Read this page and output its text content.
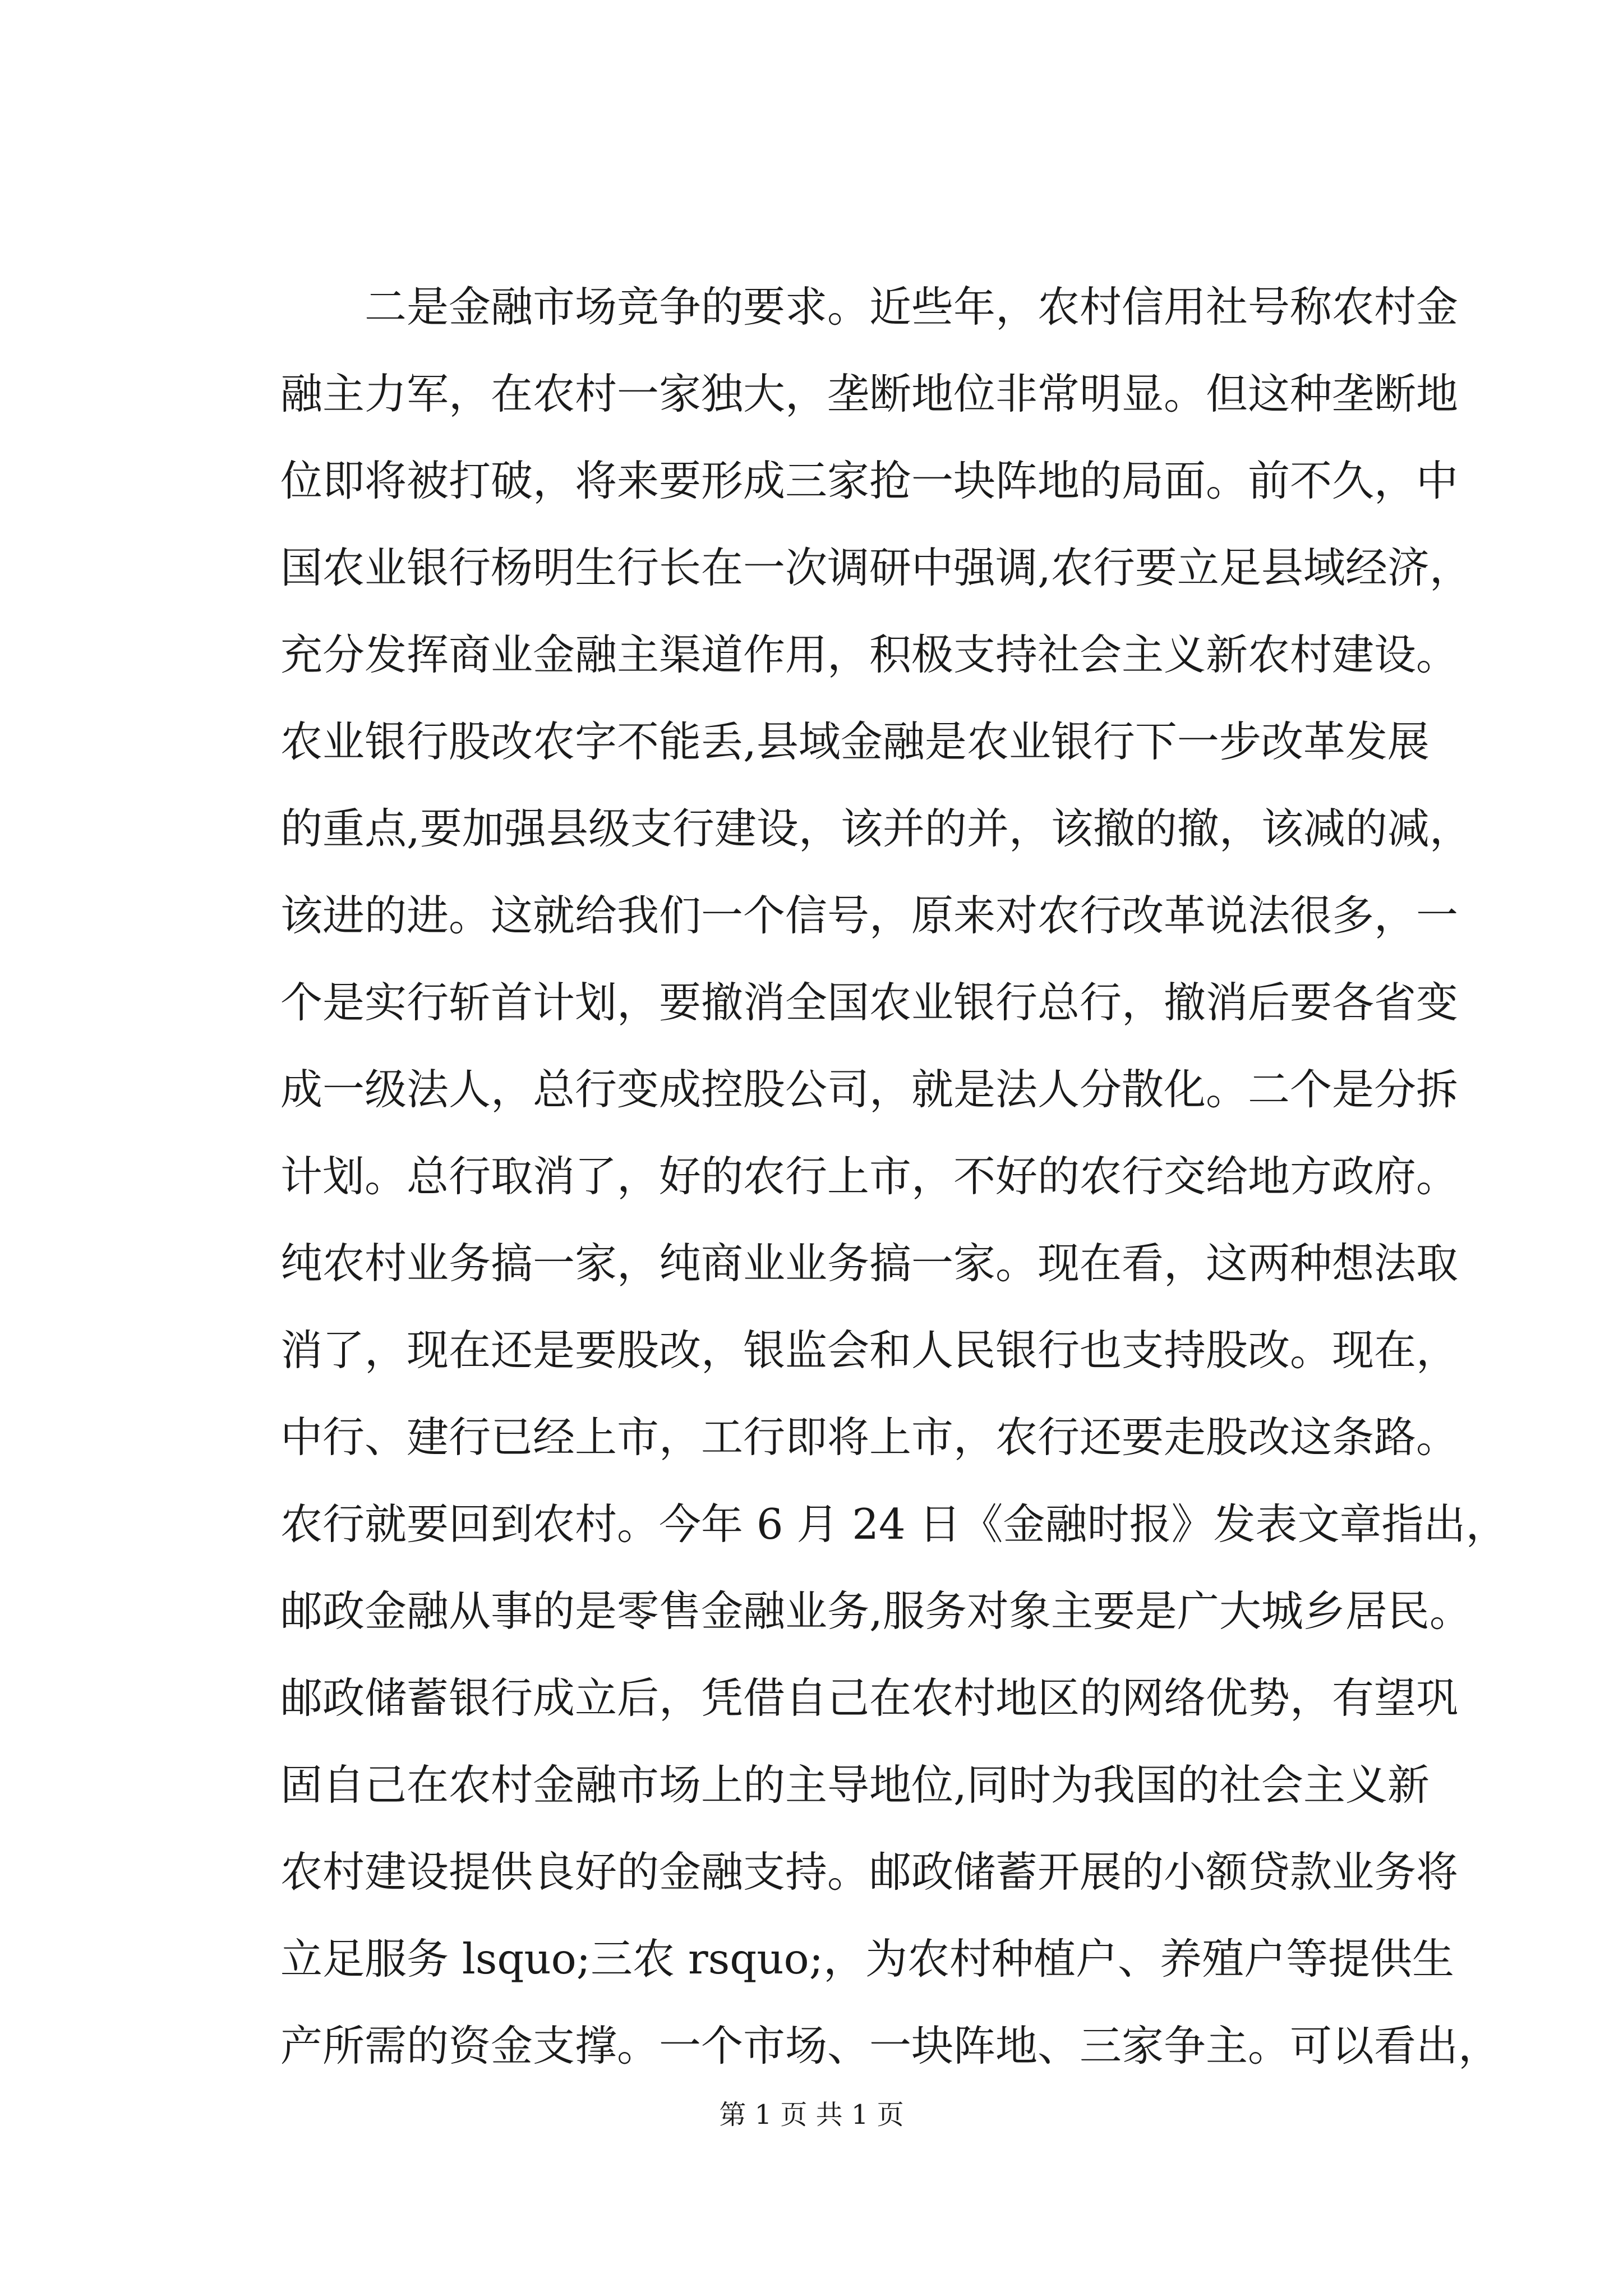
二是金融市场竞争的要求。近些年，农村信用社号称农村金
融主力军，在农村一家独大，垄断地位非常明显。但这种垄断地
位即将被打破，将来要形成三家抢一块阵地的局面。前不久，中
国农业银行杨明生行长在一次调研中强调,农行要立足县域经济，
充分发挥商业金融主渠道作用，积极支持社会主义新农村建设。
农业银行股改农字不能丢,县域金融是农业银行下一步改革发展
的重点,要加强县级支行建设，该并的并，该撤的撤，该减的减，
该进的进。这就给我们一个信号，原来对农行改革说法很多，一
个是实行斩首计划，要撤消全国农业银行总行，撤消后要各省变
成一级法人，总行变成控股公司，就是法人分散化。二个是分拆
计划。总行取消了，好的农行上市，不好的农行交给地方政府。
纯农村业务搞一家，纯商业业务搞一家。现在看，这两种想法取
消了，现在还是要股改，银监会和人民银行也支持股改。现在，
中行、建行已经上市，工行即将上市，农行还要走股改这条路。
农行就要回到农村。今年 6 月 24 日《金融时报》发表文章指出，
邮政金融从事的是零售金融业务,服务对象主要是广大城乡居民。
邮政储蓄银行成立后，凭借自己在农村地区的网络优势，有望巩
固自己在农村金融市场上的主导地位,同时为我国的社会主义新
农村建设提供良好的金融支持。邮政储蓄开展的小额贷款业务将
立足服务 lsquo;三农 rsquo;，为农村种植户、养殖户等提供生
产所需的资金支撑。一个市场、一块阵地、三家争主。可以看出，
第 1 页 共 1 页
